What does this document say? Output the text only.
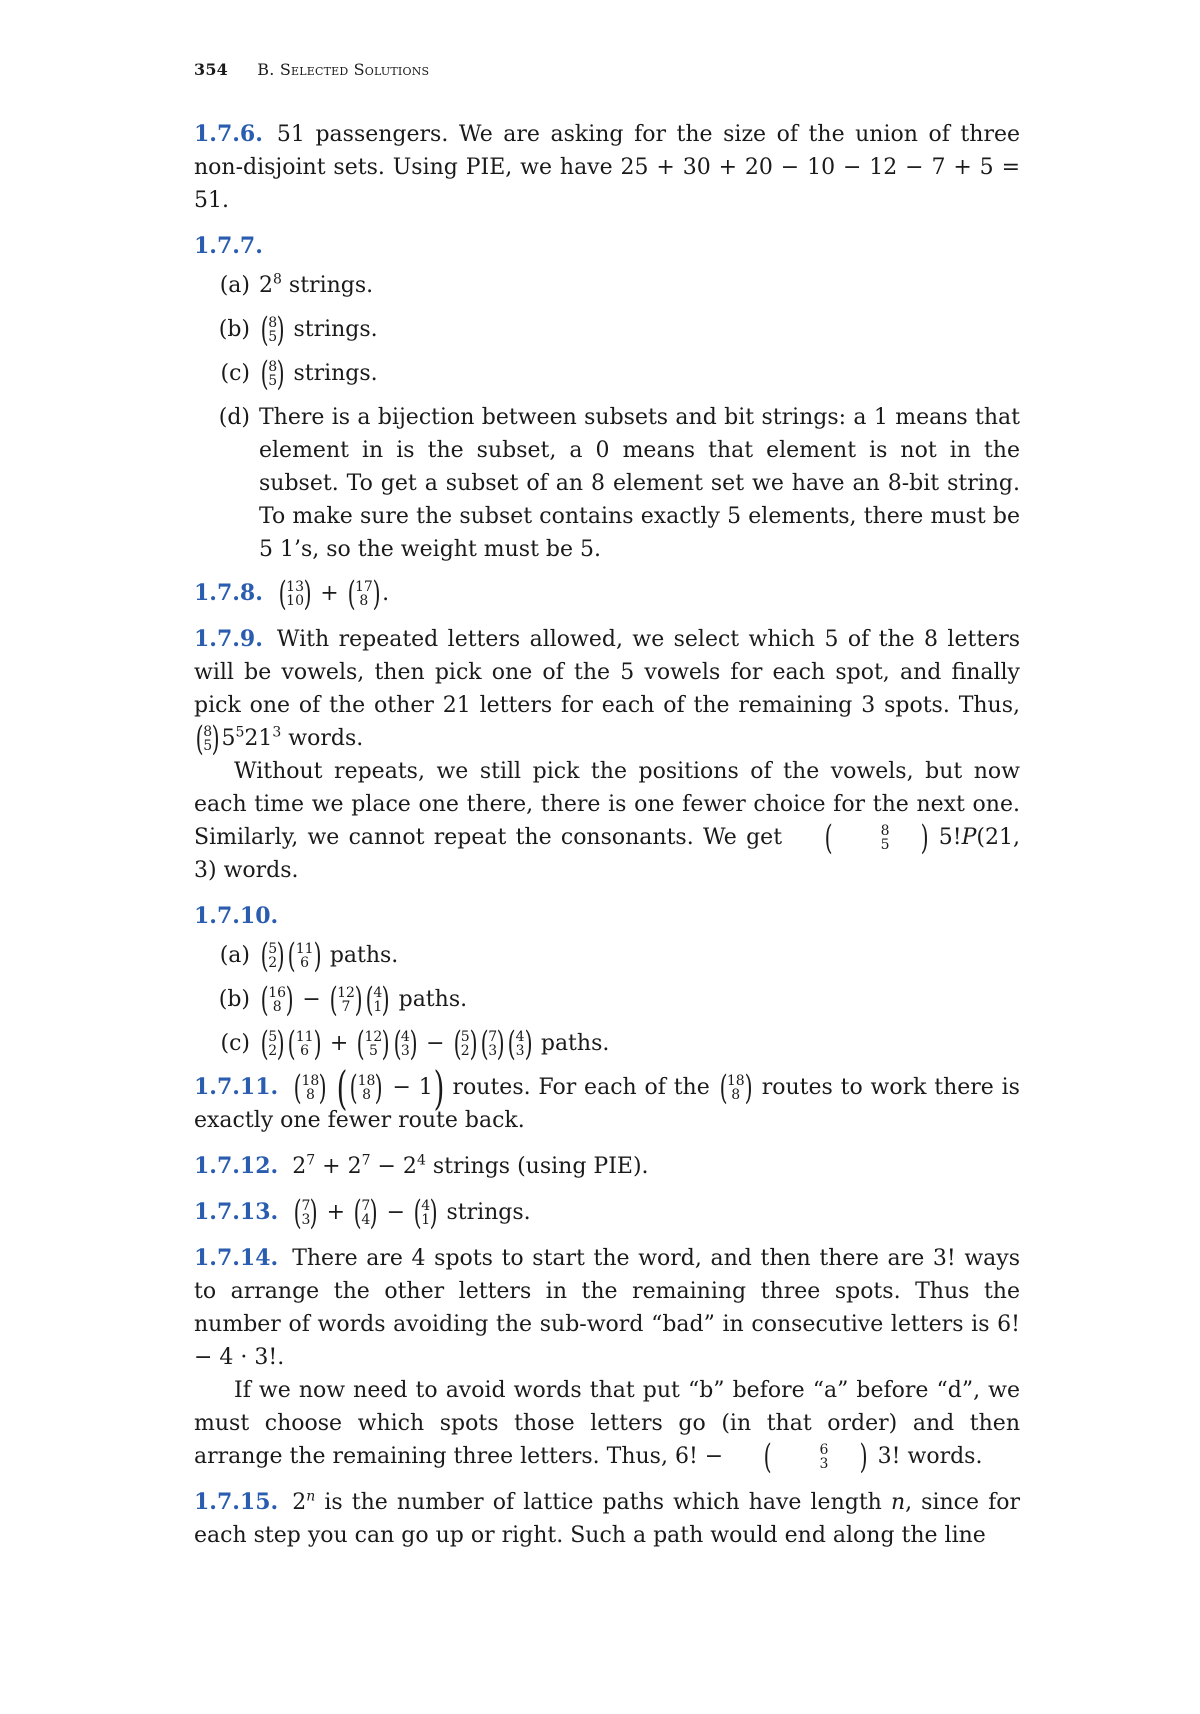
354 B. Selected Solutions

1.7.6. 51 passengers. We are asking for the size of the union of three non-disjoint sets. Using PIE, we have 25 + 30 + 20 − 10 − 12 − 7 + 5 = 51.

1.7.7.

(a) $2^8$ strings.
(b) ( 8
5 ) strings.
(c) ( 8
5 ) strings.
(d) There is a bijection between subsets and bit strings: a 1 means that element in is the subset, a 0 means that element is not in the subset. To get a subset of an 8 element set we have an 8-bit string. To make sure the subset contains exactly 5 elements, there must be 5 1’s, so the weight must be 5.

1.7.8. ( 13
10 ) + ( 17
8 ) .

1.7.9. With repeated letters allowed, we select which 5 of the 8 letters will be vowels, then pick one of the 5 vowels for each spot, and finally pick one of the other 21 letters for each of the remaining 3 spots. Thus,
( 8
5 ) $5^521^3$ words.

Without repeats, we still pick the positions of the vowels, but now each time we place one there, there is one fewer choice for the next one. Similarly, we cannot repeat the consonants. We get	(	8
5 ) 5!P(21, 3) words.

1.7.10.

(a) ( 5
2 ) ( 11
6 ) paths.
(b) ( 16
8 ) − ( 12
7 ) ( 4
1 ) paths.
(c) ( 5
2 ) ( 11
6 ) + ( 12
5 ) ( 4
3 ) − ( 5
2 ) ( 7
3 ) ( 4
3 ) paths.

1.7.11. ( 18
8 ) ( ( 18
8 ) − 1) routes. For each of the ( 18
8 ) routes to work there is exactly one fewer route back.

1.7.12. $2^7 + 2^7 - 2^4$ strings (using PIE).

1.7.13. ( 7
3 ) + ( 7
4 ) − ( 4
1 ) strings.

1.7.14. There are 4 spots to start the word, and then there are 3! ways to arrange the other letters in the remaining three spots. Thus the number of words avoiding the sub-word “bad” in consecutive letters is 6! − 4 · 3!.

If we now need to avoid words that put “b” before “a” before “d”, we must choose which spots those letters go (in that order) and then arrange the remaining three letters. Thus, 6! −	(	6
3 ) 3! words.

1.7.15. 2$^n$ is the number of lattice paths which have length n, since for each step you can go up or right. Such a path would end along the line
